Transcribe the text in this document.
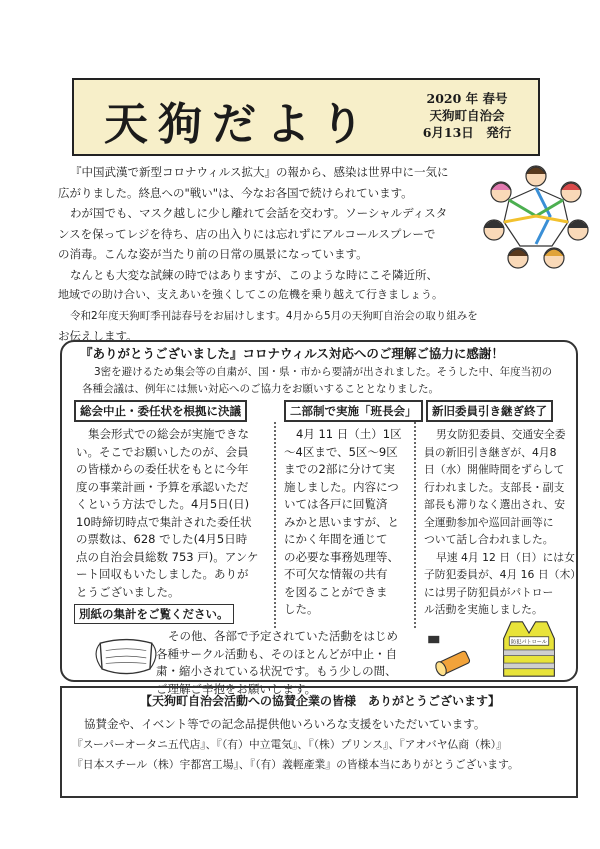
天狗だより
2020 年 春号
天狗町自治会
6月13日　発行

『中国武漢で新型コロナウィルス拡大』の報から、感染は世界中に一気に

広がりました。終息への"戦い"は、今なお各国で続けられています。

わが国でも、マスク越しに少し離れて会話を交わす。ソーシャルディスタ

ンスを保ってレジを待ち、店の出入りには忘れずにアルコールスプレーで

の消毒。こんな姿が当たり前の日常の風景になっています。

なんとも大変な試練の時ではありますが、このような時にこそ隣近所、

地域での助け合い、支えあいを強くしてこの危機を乗り越えて行きましょう。

令和2年度天狗町季刊誌春号をお届けします。4月から5月の天狗町自治会の取り組みを

お伝えします。

『ありがとうございました』コロナウィルス対応へのご理解ご協力に感謝！
3密を避けるため集会等の自粛が、国・県・市から要請が出されました。そうした中、年度当初の
各種会議は、例年には無い対応へのご協力をお願いすることとなりました。
総会中止・委任状を根拠に決議
集会形式での総会が実施できな
い。そこでお願いしたのが、会員
の皆様からの委任状をもとに今年
度の事業計画・予算を承認いただ
くという方法でした。4月5日(日)
10時締切時点で集計された委任状
の票数は、628 でした(4月5日時
点の自治会員総数 753 戸)。アンケ
ート回収もいたしました。ありが
とうございました。
別紙の集計をご覧ください。
二部制で実施「班長会」
4月 11 日（土）1区
～4区まで、5区～9区
までの2部に分けて実
施しました。内容につ
いては各戸に回覧済
みかと思いますが、と
にかく年間を通じて
の必要な事務処理等、
不可欠な情報の共有
を図ることができま
した。
新旧委員引き継ぎ終了
男女防犯委員、交通安全委
員の新旧引き継ぎが、4月8
日（水）開催時間をずらして
行われました。支部長・副支
部長も滞りなく選出され、安
全運動参加や巡回計画等に
ついて話し合われました。
早速 4月 12 日（日）には女
子防犯委員が、4月 16 日（木）
には男子防犯員がパトロー
ル活動を実施しました。
その他、各部で予定されていた活動をはじめ
各種サークル活動も、そのほとんどが中止・自
粛・縮小されている状況です。もう少しの間、
ご理解ご辛抱をお願いします。
防犯パトロール
【天狗町自治会活動への協賛企業の皆様　ありがとうございます】

協賛金や、イベント等での記念品提供他いろいろな支援をいただいています。

『スーパーオータニ五代店』、『（有）中立電気』、『（株）プリンス』、『アオバヤ仏商（株）』

『日本スチール（株）宇都宮工場』、『（有）義輕產業』の皆様本当にありがとうございます。
